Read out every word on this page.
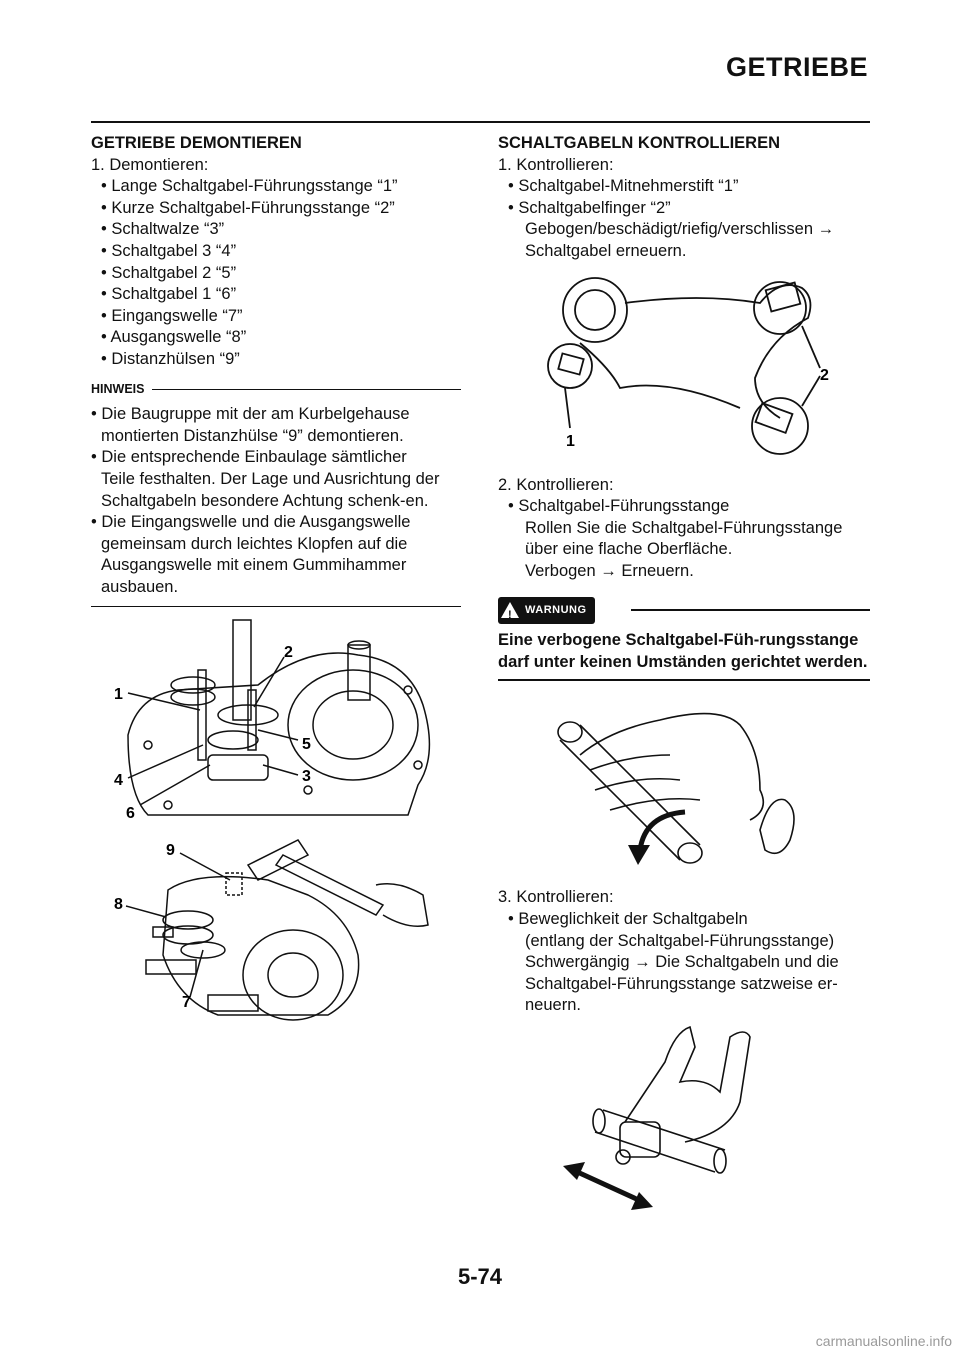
GETRIEBE

GETRIEBE DEMONTIEREN

1. Demontieren:

• Lange Schaltgabel-Führungsstange “1”
• Kurze Schaltgabel-Führungsstange “2”
• Schaltwalze “3”
• Schaltgabel 3 “4”
• Schaltgabel 2 “5”
• Schaltgabel 1 “6”
• Eingangswelle “7”
• Ausgangswelle “8”
• Distanzhülsen “9”
HINWEIS
• Die Baugruppe mit der am Kurbelgehause
montierten Distanzhülse “9” demontieren.
• Die entsprechende Einbaulage sämtlicher
Teile festhalten. Der Lage und Ausrichtung der Schaltgabeln besondere Achtung schenk-en.
• Die Eingangswelle und die Ausgangswelle
gemeinsam durch leichtes Klopfen auf die Ausgangswelle mit einem Gummihammer ausbauen.
1
2
5
3
4
6
9
8
7

SCHALTGABELN KONTROLLIEREN

1. Kontrollieren:

• Schaltgabel-Mitnehmerstift “1”
• Schaltgabelfinger “2”
Gebogen/beschädigt/riefig/verschlissen →
Schaltgabel erneuern.

2. Kontrollieren:

• Schaltgabel-Führungsstange
Rollen Sie die Schaltgabel-Führungsstange
über eine flache Oberfläche.
Verbogen → Erneuern.
! WARNUNG
Eine verbogene Schaltgabel-Füh-rungsstange darf unter keinen Umständen gerichtet werden.

3. Kontrollieren:

• Beweglichkeit der Schaltgabeln
(entlang der Schaltgabel-Führungsstange)
Schwergängig → Die Schaltgabeln und die
Schaltgabel-Führungsstange satzweise er-
neuern.
2
1
5-74
carmanualsonline.info
